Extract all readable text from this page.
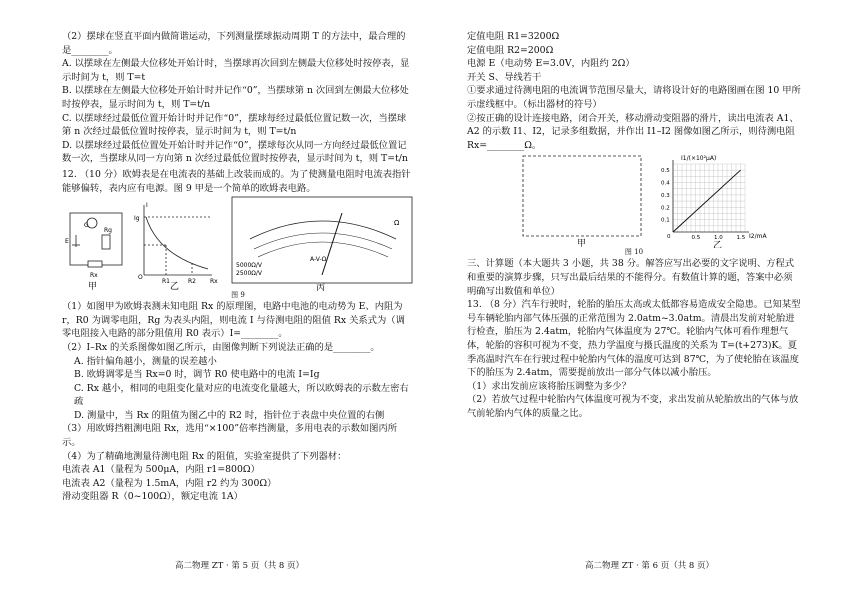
（2）摆球在竖直平面内做简谐运动，下列测量摆球振动周期 T 的方法中，最合理的是________。

A. 以摆球在左侧最大位移处开始计时，当摆球再次回到左侧最大位移处时按停表，显示时间为 t，则 T=t

B. 以摆球在左侧最大位移处开始计时并记作“0”，当摆球第 n 次回到左侧最大位移处时按停表，显示时间为 t，则 T=t/n

C. 以摆球经过最低位置开始计时并记作“0”，摆球每经过最低位置记数一次，当摆球第 n 次经过最低位置时按停表，显示时间为 t，则 T=t/n

D. 以摆球经过最低位置处开始计时并记作“0”，摆球每次从同一方向经过最低位置记数一次，当摆球从同一方向第 n 次经过最低位置时按停表，显示时间为 t，则 T=t/n

12. （10 分）欧姆表是在电流表的基础上改装而成的。为了使测量电阻时电流表指针能够偏转，表内应有电源。图 9 甲是一个简单的欧姆表电路。

G
E
Rg
Rx
甲
I
Ig
O
R1	R2 Rx
乙
Ω
A-V-Ω
5000Ω/V
2500Ω/V
丙

图 9

（1）如图甲为欧姆表测未知电阻 Rx 的原理图，电路中电池的电动势为 E、内阻为 r，R0 为调零电阻，Rg 为表头内阻，则电流 I 与待测电阻的阻值 Rx 关系式为（调零电阻接入电路的部分阻值用 R0 表示）I=________。

（2）I–Rx 的关系图像如图乙所示，由图像判断下列说法正确的是________。

A. 指针偏角越小，测量的误差越小

B. 欧姆调零是当 Rx=0 时，调节 R0 使电路中的电流 I=Ig

C. Rx 越小，相同的电阻变化量对应的电流变化量越大，所以欧姆表的示数左密右疏

D. 测量中，当 Rx 的阻值为图乙中的 R2 时，指针位于表盘中央位置的右侧

（3）用欧姆挡粗测电阻 Rx，选用“×100”倍率挡测量，多用电表的示数如图丙所示。

（4）为了精确地测量待测电阻 Rx 的阻值，实验室提供了下列器材：

电流表 A1（量程为 500μA，内阻 r1=800Ω）

电流表 A2（量程为 1.5mA，内阻 r2 约为 300Ω）

滑动变阻器 R（0~100Ω），额定电流 1A）

高二物理 ZT · 第 5 页（共 8 页）

定值电阻 R1=3200Ω

定值电阻 R2=200Ω

电源 E（电动势 E=3.0V，内阻约 2Ω）

开关 S、导线若干

①要求通过待测电阻的电流调节范围尽量大，请将设计好的电路图画在图 10 甲所示虚线框中。（标出器材的符号）

②按正确的设计连接电路，闭合开关，移动滑动变阻器的滑片，读出电流表 A1、A2 的示数 I1、I2，记录多组数据，并作出 I1–I2 图像如图乙所示，则待测电阻 Rx=________Ω。

甲
0.5
0.4
0.3
0.2
0.1
0.5	1.0	1.5
0
I1/(×10²μA)
I2/mA
乙

图 10

三、计算题（本大题共 3 小题，共 38 分。解答应写出必要的文字说明、方程式和重要的演算步骤，只写出最后结果的不能得分。有数值计算的题，答案中必须明确写出数值和单位）

13. （8 分）汽车行驶时，轮胎的胎压太高或太低都容易造成安全隐患。已知某型号车辆轮胎内部气体压强的正常范围为 2.0atm~3.0atm。清晨出发前对轮胎进行检查，胎压为 2.4atm，轮胎内气体温度为 27℃。轮胎内气体可看作理想气体，轮胎的容积可视为不变，热力学温度与摄氏温度的关系为 T=(t+273)K。夏季高温时汽车在行驶过程中轮胎内气体的温度可达到 87℃，为了使轮胎在该温度下的胎压为 2.4atm，需要提前放出一部分气体以减小胎压。

（1）求出发前应该将胎压调整为多少？

（2）若放气过程中轮胎内气体温度可视为不变，求出发前从轮胎放出的气体与放气前轮胎内气体的质量之比。

高二物理 ZT · 第 6 页（共 8 页）
